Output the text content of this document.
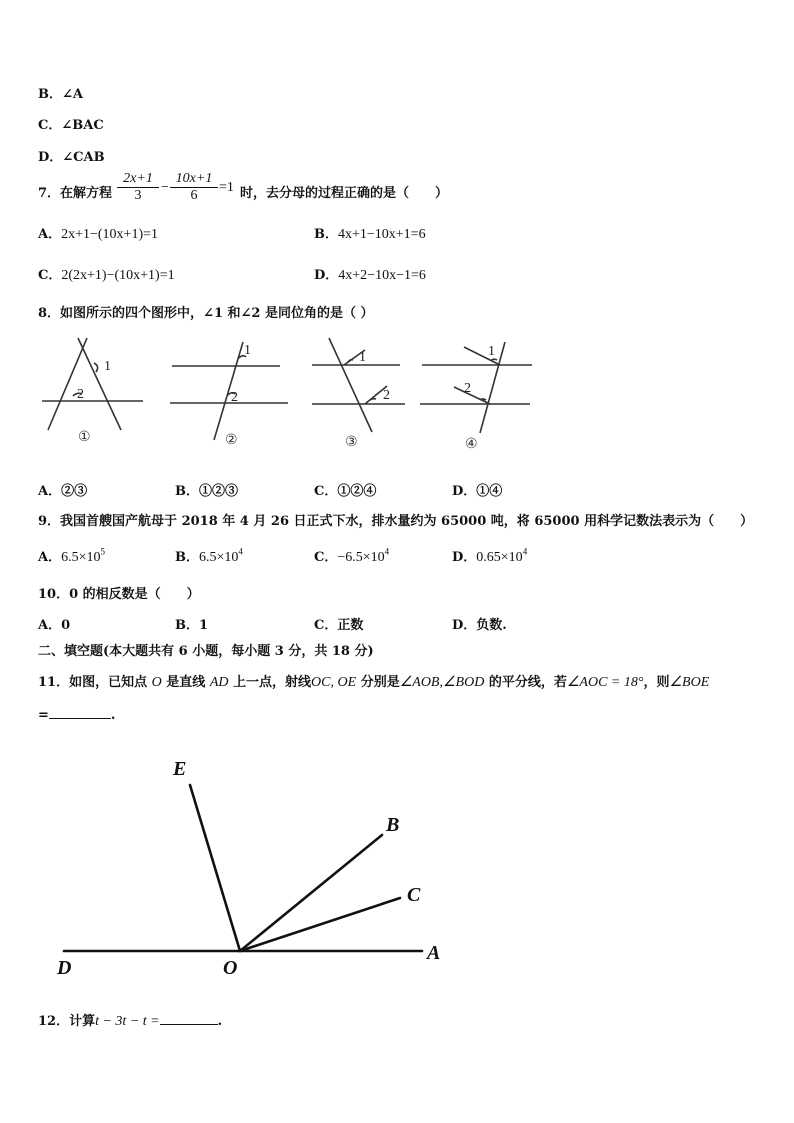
B．∠A
C．∠BAC
D．∠CAB
7．在解方程 $\frac{2x+1}{3} - \frac{10x+1}{6} =1$ 时，去分母的过程正确的是（　　）
A．2x+1−(10x+1)=1	B．4x+1−10x+1=6
C．2(2x+1)−(10x+1)=1	D．4x+2−10x−1=6
8．如图所示的四个图形中，∠1 和∠2 是同位角的是（ ）
1
2
1
2
1
2
1
2
①	②	③	④
A．②③	B．①②③	C．①②④	D．①④
9．我国首艘国产航母于 2018 年 4 月 26 日正式下水，排水量约为 65000 吨，将 65000 用科学记数法表示为（　　）
A．$6.5\times 10^5$	B．$6.5\times 10^4$	C．$-6.5\times 10^4$	D．$0.65\times 10^4$
10．0 的相反数是（　　）
A．0	B．1	C．正数	D．负数.
二、填空题(本大题共有 6 小题，每小题 3 分，共 18 分)
11．如图，已知点 O 是直线 AD 上一点，射线OC, OE 分别是∠AOB,∠BOD 的平分线，若∠AOC = 18°，则∠BOE
=	.
E
B
C
A
D	O
12．计算t − 3t − t =	.
